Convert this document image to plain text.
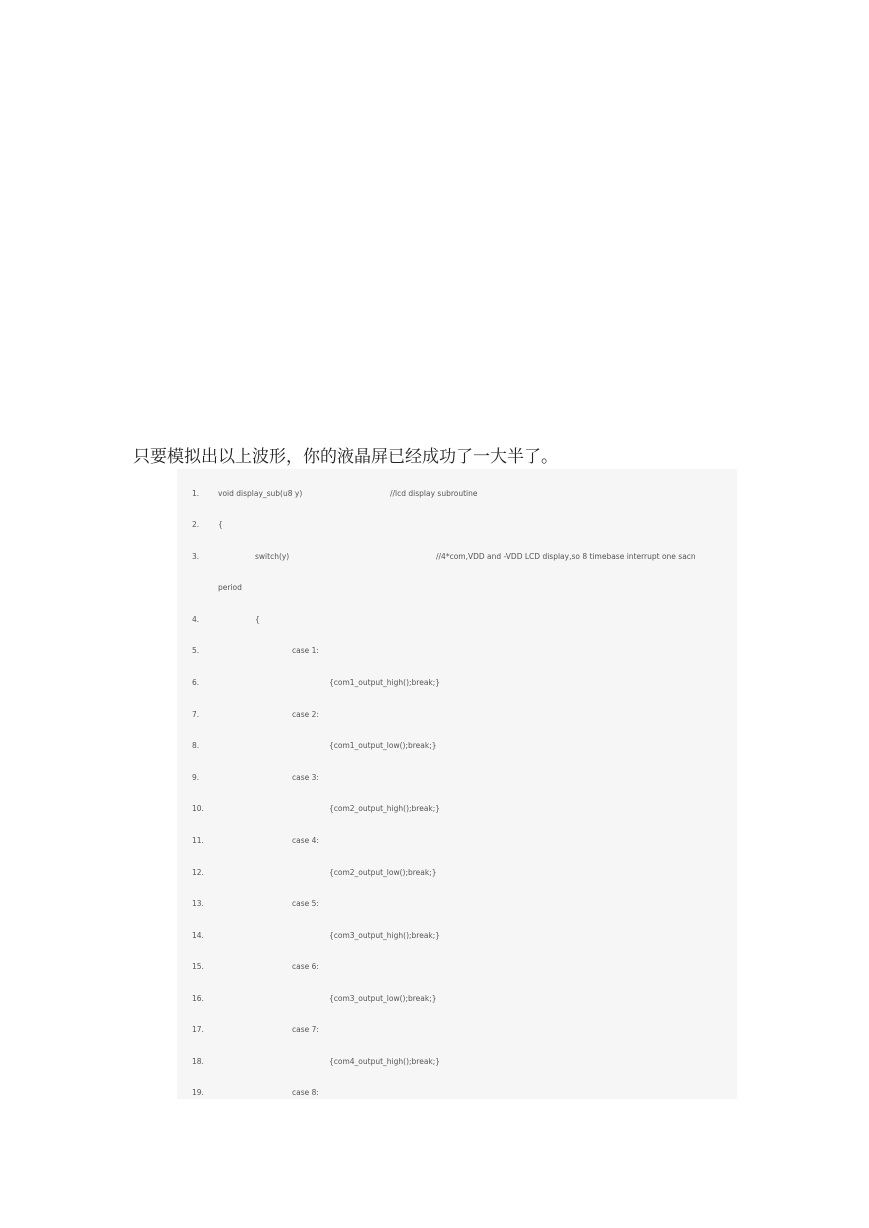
只要模拟出以上波形，你的液晶屏已经成功了一大半了。
1.	void display_sub(u8 y)	//lcd display subroutine
2.	{
3.	switch(y)	//4*com,VDD and -VDD LCD display,so 8 timebase interrupt one sacn
period
4.	{
5.	case 1:
6.	{com1_output_high();break;}
7.	case 2:
8.	{com1_output_low();break;}
9.	case 3:
10.	{com2_output_high();break;}
11.	case 4:
12.	{com2_output_low();break;}
13.	case 5:
14.	{com3_output_high();break;}
15.	case 6:
16.	{com3_output_low();break;}
17.	case 7:
18.	{com4_output_high();break;}
19.	case 8:
